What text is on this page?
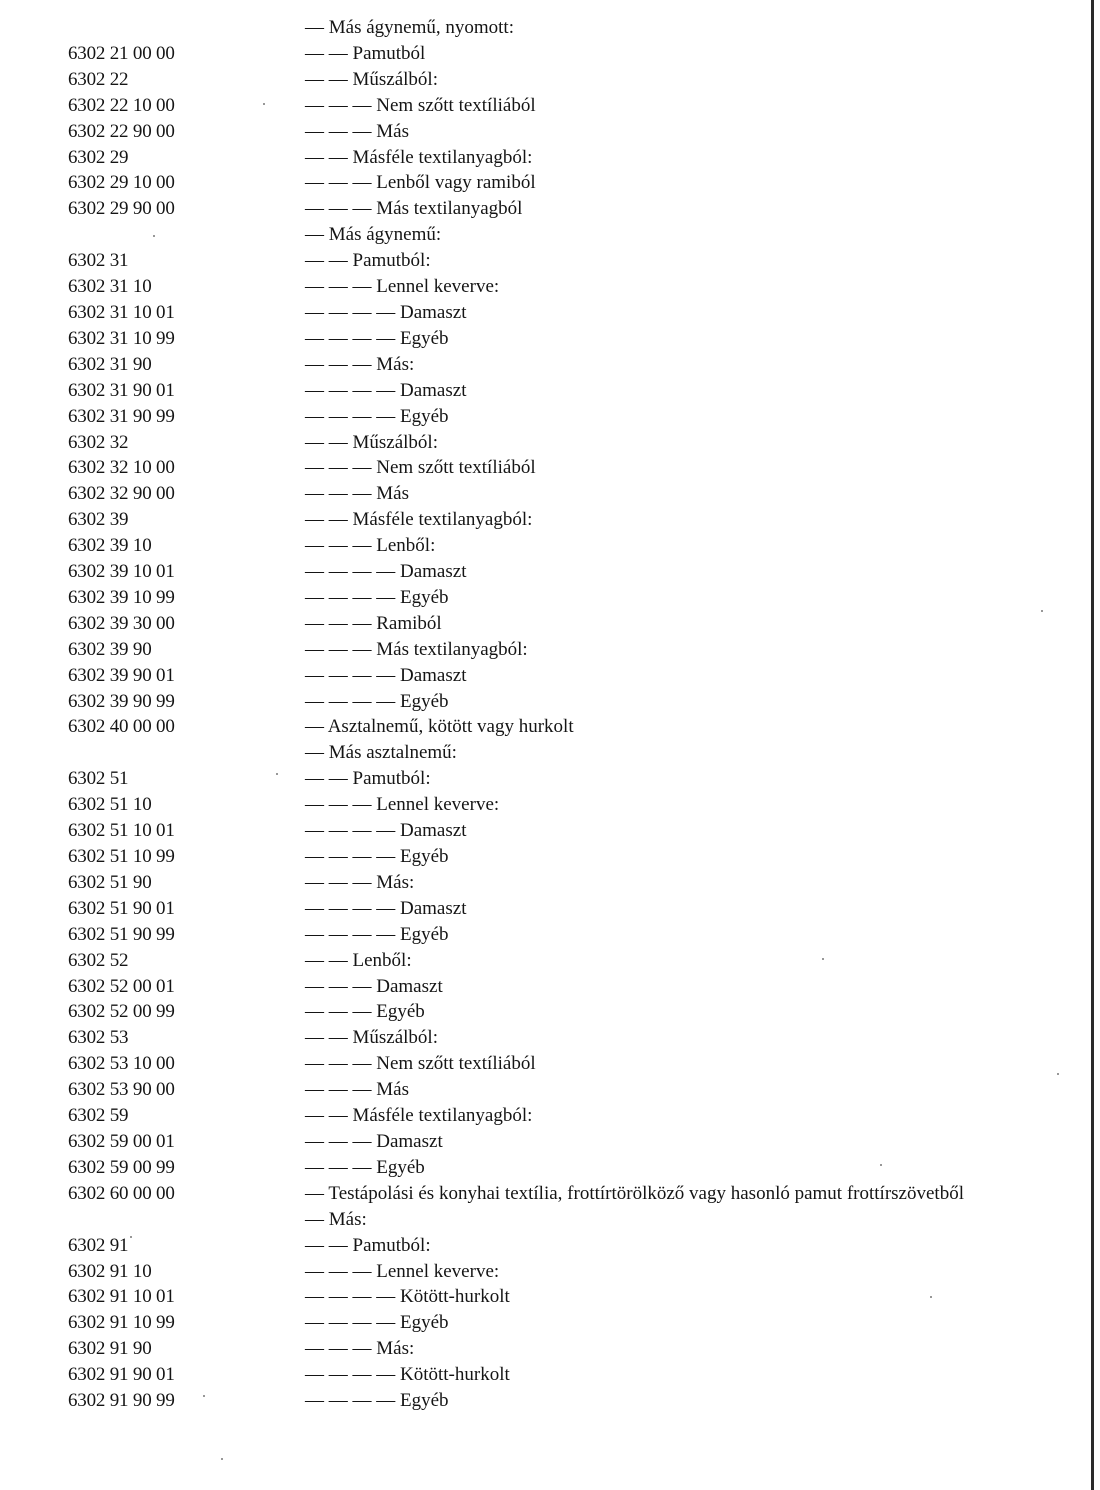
— Más ágynemű, nyomott:
6302 21 00 00	— — Pamutból
6302 22	— — Műszálból:
6302 22 10 00	— — — Nem szőtt textíliából
6302 22 90 00	— — — Más
6302 29	— — Másféle textilanyagból:
6302 29 10 00	— — — Lenből vagy ramiból
6302 29 90 00	— — — Más textilanyagból
— Más ágynemű:
6302 31	— — Pamutból:
6302 31 10	— — — Lennel keverve:
6302 31 10 01	— — — — Damaszt
6302 31 10 99	— — — — Egyéb
6302 31 90	— — — Más:
6302 31 90 01	— — — — Damaszt
6302 31 90 99	— — — — Egyéb
6302 32	— — Műszálból:
6302 32 10 00	— — — Nem szőtt textíliából
6302 32 90 00	— — — Más
6302 39	— — Másféle textilanyagból:
6302 39 10	— — — Lenből:
6302 39 10 01	— — — — Damaszt
6302 39 10 99	— — — — Egyéb
6302 39 30 00	— — — Ramiból
6302 39 90	— — — Más textilanyagból:
6302 39 90 01	— — — — Damaszt
6302 39 90 99	— — — — Egyéb
6302 40 00 00	— Asztalnemű, kötött vagy hurkolt
— Más asztalnemű:
6302 51	— — Pamutból:
6302 51 10	— — — Lennel keverve:
6302 51 10 01	— — — — Damaszt
6302 51 10 99	— — — — Egyéb
6302 51 90	— — — Más:
6302 51 90 01	— — — — Damaszt
6302 51 90 99	— — — — Egyéb
6302 52	— — Lenből:
6302 52 00 01	— — — Damaszt
6302 52 00 99	— — — Egyéb
6302 53	— — Műszálból:
6302 53 10 00	— — — Nem szőtt textíliából
6302 53 90 00	— — — Más
6302 59	— — Másféle textilanyagból:
6302 59 00 01	— — — Damaszt
6302 59 00 99	— — — Egyéb
6302 60 00 00	— Testápolási és konyhai textília, frottírtörölköző vagy hasonló pamut frottírszövetből
— Más:
6302 91	— — Pamutból:
6302 91 10	— — — Lennel keverve:
6302 91 10 01	— — — — Kötött-hurkolt
6302 91 10 99	— — — — Egyéb
6302 91 90	— — — Más:
6302 91 90 01	— — — — Kötött-hurkolt
6302 91 90 99	— — — — Egyéb
